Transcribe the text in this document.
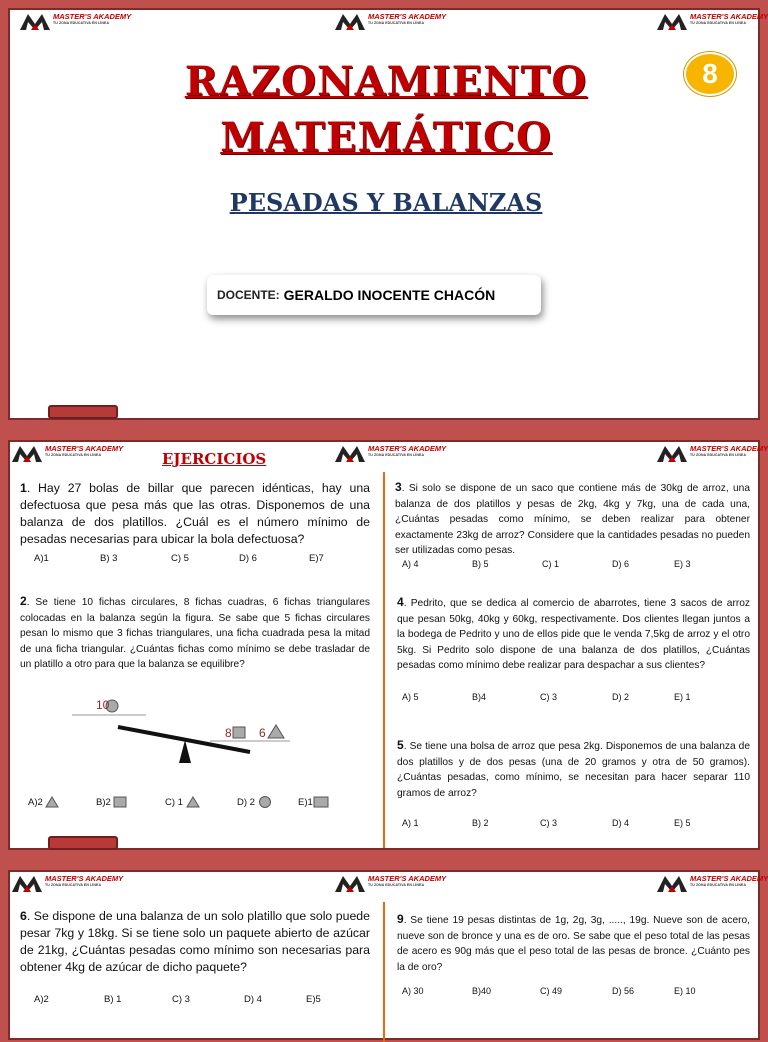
MASTER'S AKADEMY
TU ZONA EDUCATIVA EN LÍNEA
MASTER'S AKADEMY
TU ZONA EDUCATIVA EN LÍNEA
MASTER'S AKADEMY
TU ZONA EDUCATIVA EN LÍNEA
RAZONAMIENTO
MATEMÁTICO
PESADAS Y BALANZAS
8
DOCENTE: GERALDO INOCENTE CHACÓN
MASTER'S AKADEMY
TU ZONA EDUCATIVA EN LÍNEA
MASTER'S AKADEMY
TU ZONA EDUCATIVA EN LÍNEA
MASTER'S AKADEMY
TU ZONA EDUCATIVA EN LÍNEA
EJERCICIOS
1. Hay 27 bolas de billar que parecen idénticas, hay una defectuosa que pesa más que las otras. Disponemos de una balanza de dos platillos. ¿Cuál es el número mínimo de pesadas necesarias para ubicar la bola defectuosa?
A)1	B) 3	C) 5	D) 6	E)7
2. Se tiene 10 fichas circulares, 8 fichas cuadras, 6 fichas triangulares colocadas en la balanza según la figura. Se sabe que 5 fichas circulares pesan lo mismo que 3 fichas triangulares, una ficha cuadrada pesa la mitad de una ficha triangular. ¿Cuántas fichas como mínimo se debe trasladar de un platillo a otro para que la balanza se equilibre?
10
8 6
A)2	B)2	C) 1	D) 2	E)1
3. Si solo se dispone de un saco que contiene más de 30kg de arroz, una balanza de dos platillos y pesas de 2kg, 4kg y 7kg, una de cada una, ¿Cuántas pesadas como mínimo, se deben realizar para obtener exactamente 23kg de arroz? Considere que la cantidades pesadas no pueden ser utilizadas como pesas.
A) 4	B) 5	C) 1	D) 6	E) 3
4. Pedrito, que se dedica al comercio de abarrotes, tiene 3 sacos de arroz que pesan 50kg, 40kg y 60kg, respectivamente. Dos clientes llegan juntos a la bodega de Pedrito y uno de ellos pide que le venda 7,5kg de arroz y el otro 5kg. Si Pedrito solo dispone de una balanza de dos platillos, ¿Cuántas pesadas como mínimo debe realizar para despachar a sus clientes?
A) 5	B)4	C) 3	D) 2	E) 1
5. Se tiene una bolsa de arroz que pesa 2kg. Disponemos de una balanza de dos platillos y de dos pesas (una de 20 gramos y otra de 50 gramos). ¿Cuántas pesadas, como mínimo, se necesitan para hacer separar 110 gramos de arroz?
A) 1	B) 2	C) 3	D) 4	E) 5
MASTER'S AKADEMY
TU ZONA EDUCATIVA EN LÍNEA
MASTER'S AKADEMY
TU ZONA EDUCATIVA EN LÍNEA
MASTER'S AKADEMY
TU ZONA EDUCATIVA EN LÍNEA
6. Se dispone de una balanza de un solo platillo que solo puede pesar 7kg y 18kg. Si se tiene solo un paquete abierto de azúcar de 21kg, ¿Cuántas pesadas como mínimo son necesarias para obtener 4kg de azúcar de dicho paquete?
A)2	B) 1	C) 3	D) 4	E)5
9. Se tiene 19 pesas distintas de 1g, 2g, 3g, ....., 19g. Nueve son de acero, nueve son de bronce y una es de oro. Se sabe que el peso total de las pesas de acero es 90g más que el peso total de las pesas de bronce. ¿Cuánto pes la de oro?
A) 30	B)40	C) 49	D) 56	E) 10
